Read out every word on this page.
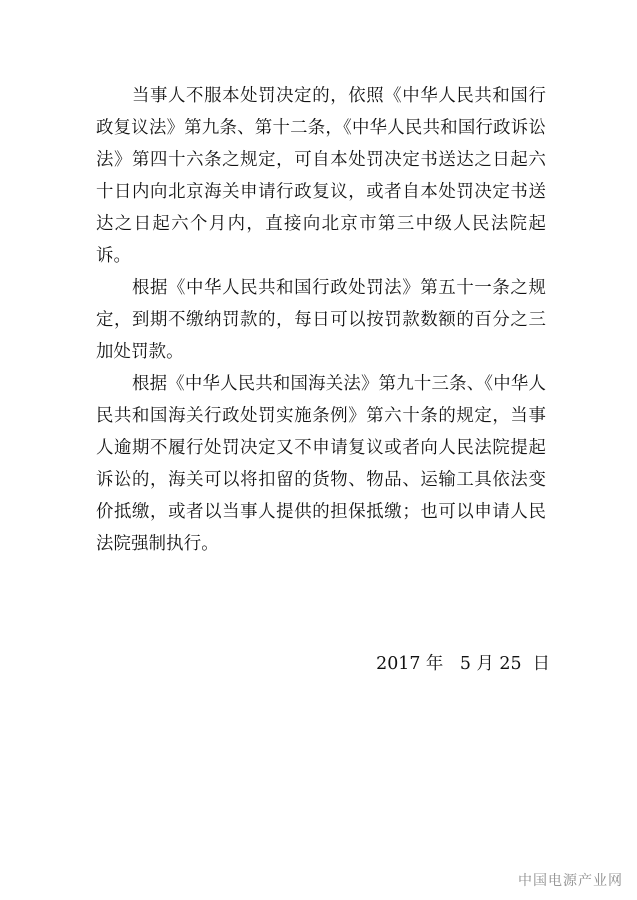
当事人不服本处罚决定的，依照《中华人民共和国行政复议法》第九条、第十二条，《中华人民共和国行政诉讼法》第四十六条之规定，可自本处罚决定书送达之日起六十日内向北京海关申请行政复议，或者自本处罚决定书送达之日起六个月内，直接向北京市第三中级人民法院起诉。

根据《中华人民共和国行政处罚法》第五十一条之规定，到期不缴纳罚款的，每日可以按罚款数额的百分之三加处罚款。

根据《中华人民共和国海关法》第九十三条、《中华人民共和国海关行政处罚实施条例》第六十条的规定，当事人逾期不履行处罚决定又不申请复议或者向人民法院提起诉讼的，海关可以将扣留的货物、物品、运输工具依法变价抵缴，或者以当事人提供的担保抵缴；也可以申请人民法院强制执行。

2017 年   5 月 25  日
中国电源产业网
